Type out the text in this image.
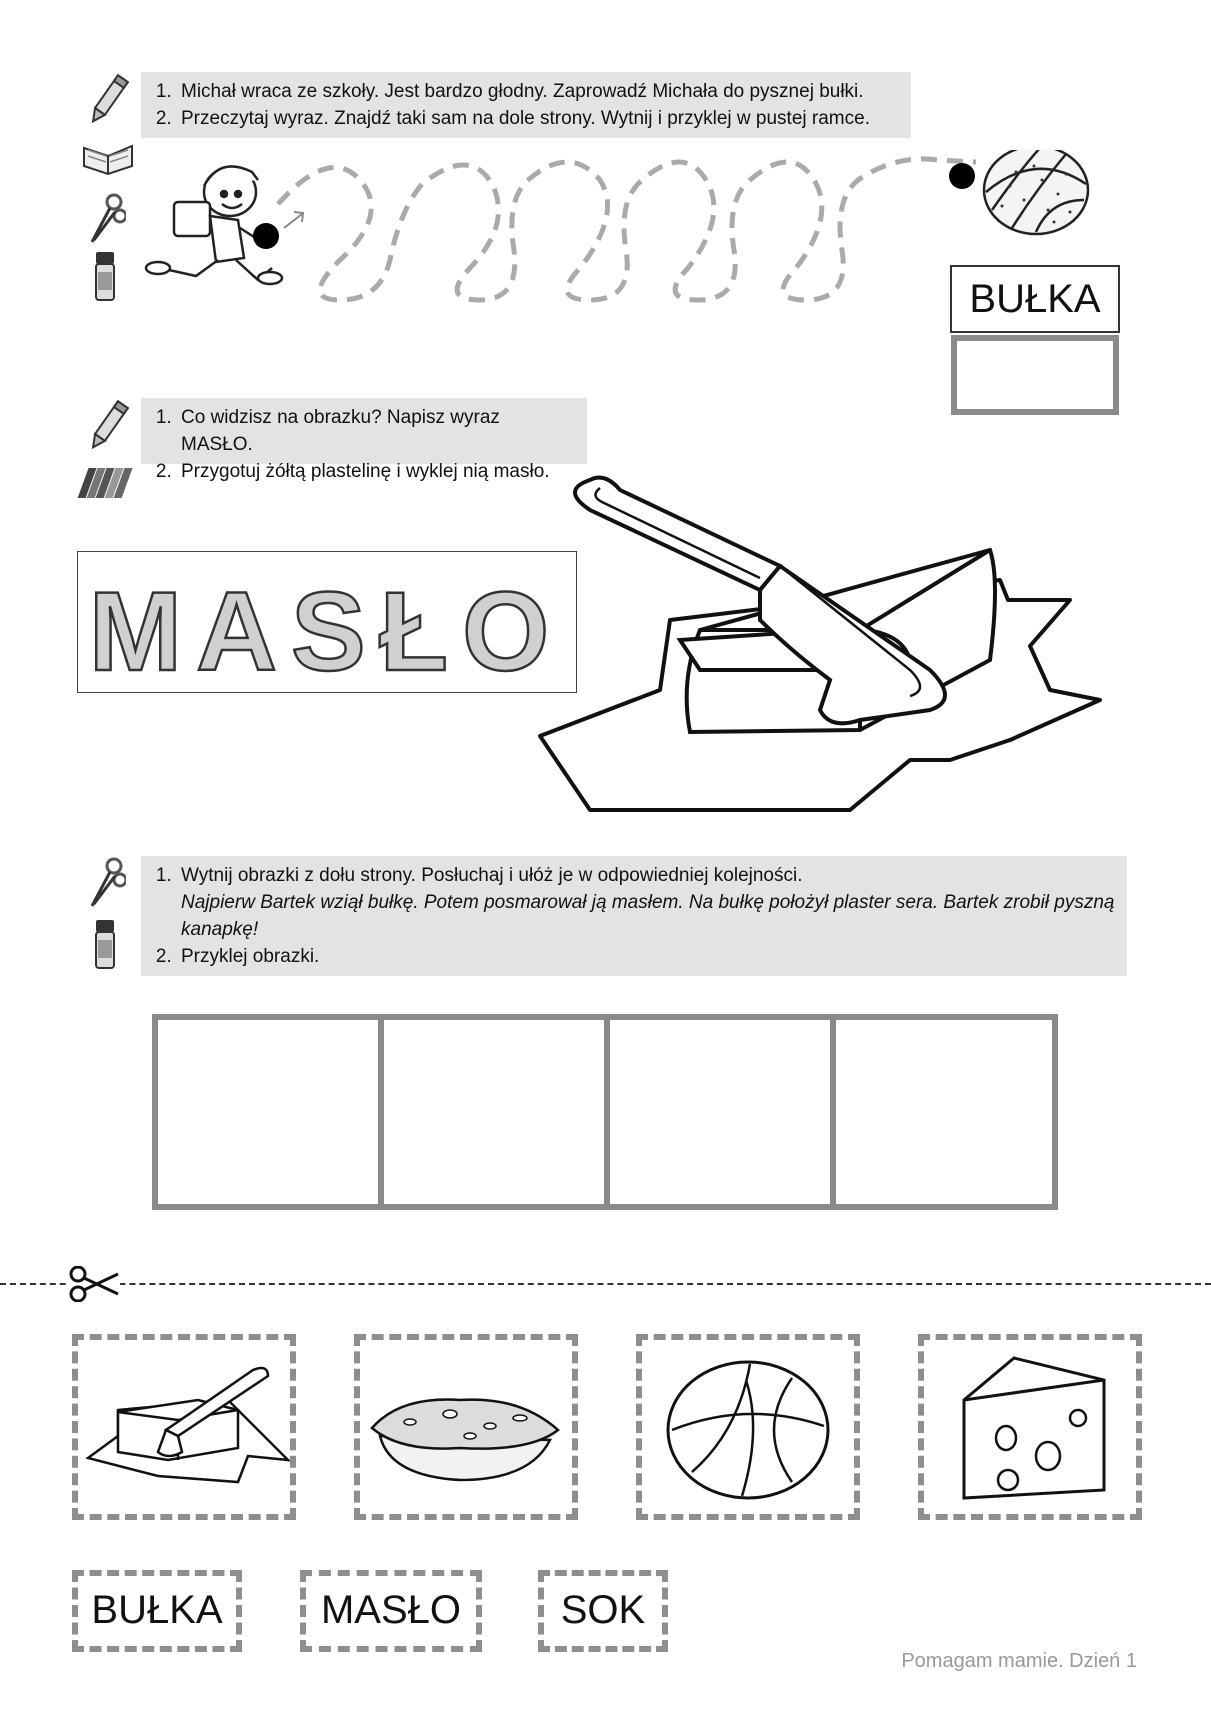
1. Michał wraca ze szkoły. Jest bardzo głodny. Zaprowadź Michała do pysznej bułki.
2. Przeczytaj wyraz. Znajdź taki sam na dole strony. Wytnij i przyklej w pustej ramce.
BUŁKA
1. Co widzisz na obrazku? Napisz wyraz MASŁO.
2. Przygotuj żółtą plastelinę i wyklej nią masło.
MASŁO
1. Wytnij obrazki z dołu strony. Posłuchaj i ułóż je w odpowiedniej kolejności.
Najpierw Bartek wziął bułkę. Potem posmarował ją masłem. Na bułkę położył plaster sera. Bartek zrobił pyszną kanapkę!
2. Przyklej obrazki.
BUŁKA	MASŁO	SOK
Pomagam mamie. Dzień 1
